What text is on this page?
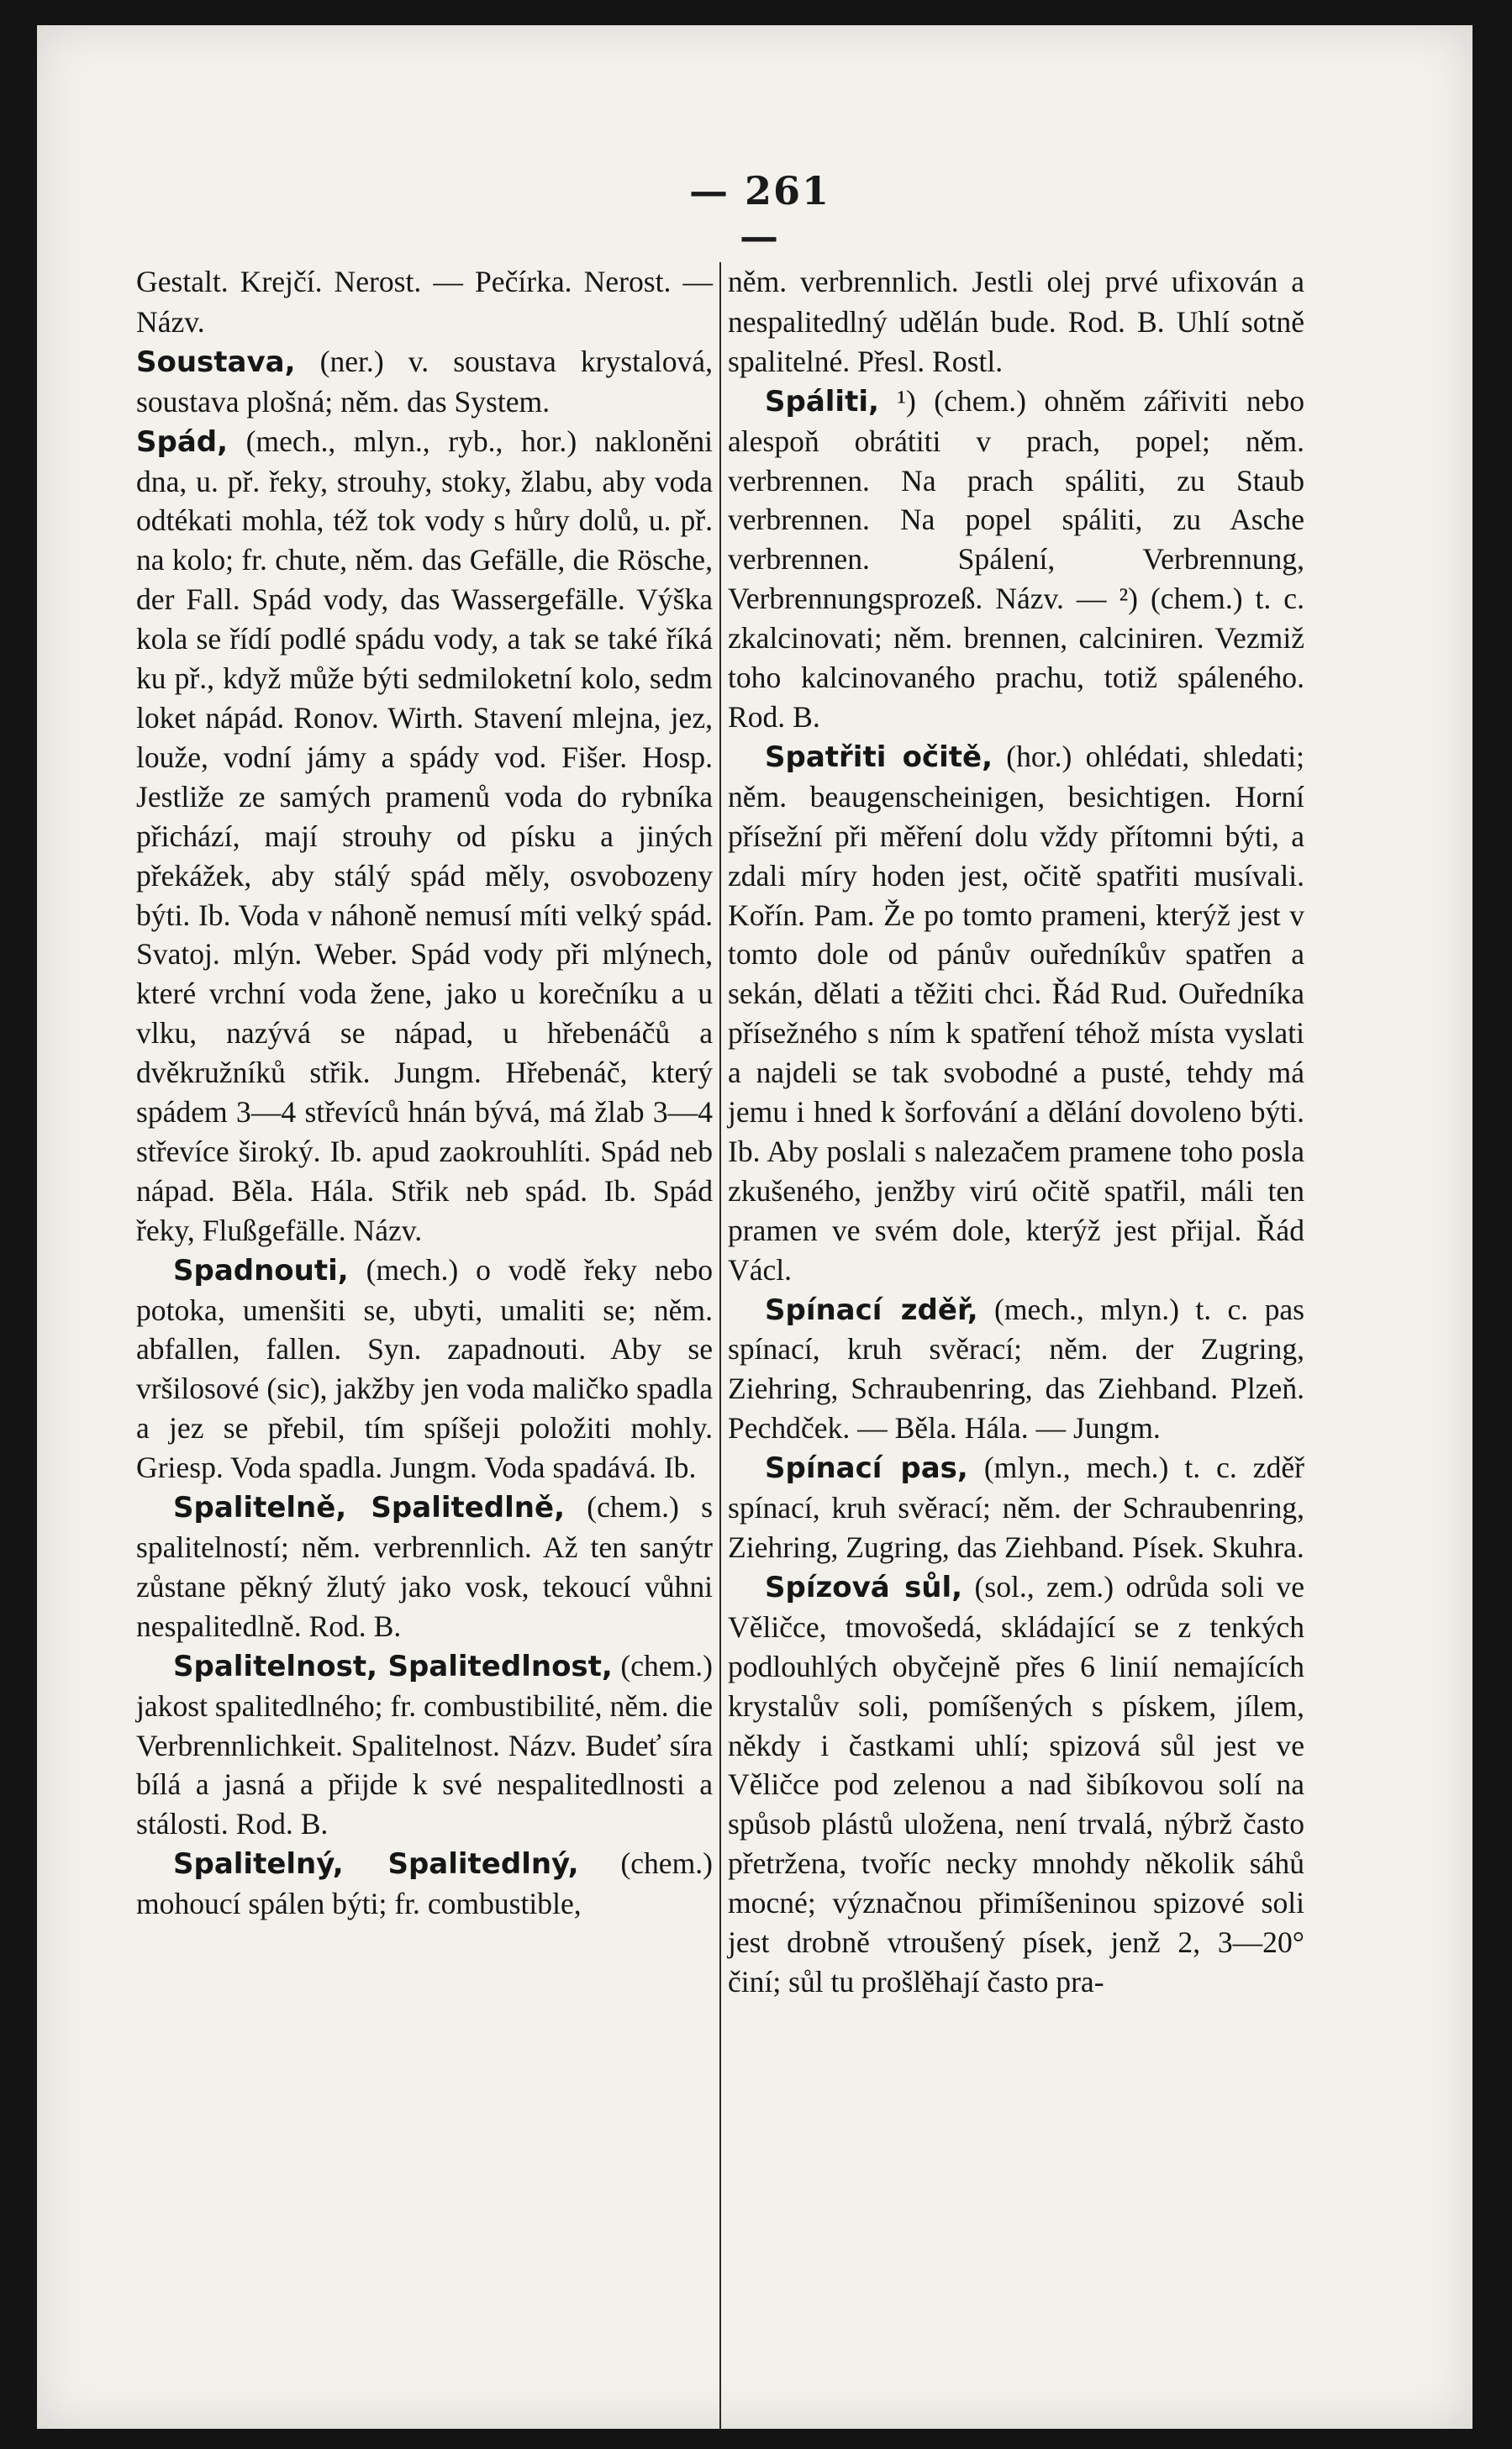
— 261 —

Gestalt. Krejčí. Nerost. — Pečírka. Nerost. — Názv.

Soustava, (ner.) v. soustava krystalová, soustava plošná; něm. das System.

Spád, (mech., mlyn., ryb., hor.) nakloněni dna, u. př. řeky, strouhy, stoky, žlabu, aby voda odtékati mohla, též tok vody s hůry dolů, u. př. na kolo; fr. chute, něm. das Gefälle, die Rösche, der Fall. Spád vody, das Wassergefälle. Výška kola se řídí podlé spádu vody, a tak se také říká ku př., když může býti sedmiloketní kolo, sedm loket nápád. Ronov. Wirth. Stavení mlejna, jez, louže, vodní jámy a spády vod. Fišer. Hosp. Jestliže ze samých pramenů voda do rybníka přichází, mají strouhy od písku a jiných překážek, aby stálý spád měly, osvobozeny býti. Ib. Voda v náhoně nemusí míti velký spád. Svatoj. mlýn. Weber. Spád vody při mlýnech, které vrchní voda žene, jako u korečníku a u vlku, nazývá se nápad, u hřebenáčů a dvěkružníků střik. Jungm. Hřebenáč, který spádem 3—4 střevíců hnán bývá, má žlab 3—4 střevíce široký. Ib. apud zaokrouhlíti. Spád neb nápad. Běla. Hála. Střik neb spád. Ib. Spád řeky, Flußgefälle. Názv.

Spadnouti, (mech.) o vodě řeky nebo potoka, umenšiti se, ubyti, umaliti se; něm. abfallen, fallen. Syn. zapadnouti. Aby se vršilosové (sic), jakžby jen voda maličko spadla a jez se přebil, tím spíšeji položiti mohly. Griesp. Voda spadla. Jungm. Voda spadává. Ib.

Spalitelně, Spalitedlně, (chem.) s spalitelností; něm. verbrennlich. Až ten sanýtr zůstane pěkný žlutý jako vosk, tekoucí vůhni nespalitedlně. Rod. B.

Spalitelnost, Spalitedlnost, (chem.) jakost spalitedlného; fr. combustibilité, něm. die Verbrennlichkeit. Spalitelnost. Názv. Budeť síra bílá a jasná a přijde k své nespalitedlnosti a stálosti. Rod. B.

Spalitelný, Spalitedlný, (chem.) mohoucí spálen býti; fr. combustible,

něm. verbrennlich. Jestli olej prvé ufixován a nespalitedlný udělán bude. Rod. B. Uhlí sotně spalitelné. Přesl. Rostl.

Spáliti, ¹) (chem.) ohněm zářiviti nebo alespoň obrátiti v prach, popel; něm. verbrennen. Na prach spáliti, zu Staub verbrennen. Na popel spáliti, zu Asche verbrennen. Spálení, Verbrennung, Verbrennungsprozeß. Názv. — ²) (chem.) t. c. zkalcinovati; něm. brennen, calciniren. Vezmiž toho kalcinovaného prachu, totiž spáleného. Rod. B.

Spatřiti očitě, (hor.) ohlédati, shledati; něm. beaugenscheinigen, besichtigen. Horní přísežní při měření dolu vždy přítomni býti, a zdali míry hoden jest, očitě spatřiti musívali. Kořín. Pam. Že po tomto prameni, kterýž jest v tomto dole od pánův ouředníkův spatřen a sekán, dělati a těžiti chci. Řád Rud. Ouředníka přísežného s ním k spatření téhož místa vyslati a najdeli se tak svobodné a pusté, tehdy má jemu i hned k šorfování a dělání dovoleno býti. Ib. Aby poslali s nalezačem pramene toho posla zkušeného, jenžby virú očitě spatřil, máli ten pramen ve svém dole, kterýž jest přijal. Řád Václ.

Spínací zděř, (mech., mlyn.) t. c. pas spínací, kruh svěrací; něm. der Zugring, Ziehring, Schraubenring, das Ziehband. Plzeň. Pechdček. — Běla. Hála. — Jungm.

Spínací pas, (mlyn., mech.) t. c. zděř spínací, kruh svěrací; něm. der Schraubenring, Ziehring, Zugring, das Ziehband. Písek. Skuhra.

Spízová sůl, (sol., zem.) odrůda soli ve Věličce, tmovošedá, skládající se z tenkých podlouhlých obyčejně přes 6 linií nemajících krystalův soli, pomíšených s pískem, jílem, někdy i častkami uhlí; spizová sůl jest ve Věličce pod zelenou a nad šibíkovou solí na spůsob plástů uložena, není trvalá, nýbrž často přetržena, tvoříc necky mnohdy několik sáhů mocné; význačnou přimíšeninou spizové soli jest drobně vtroušený písek, jenž 2, 3—20° činí; sůl tu prošlěhají často pra-
